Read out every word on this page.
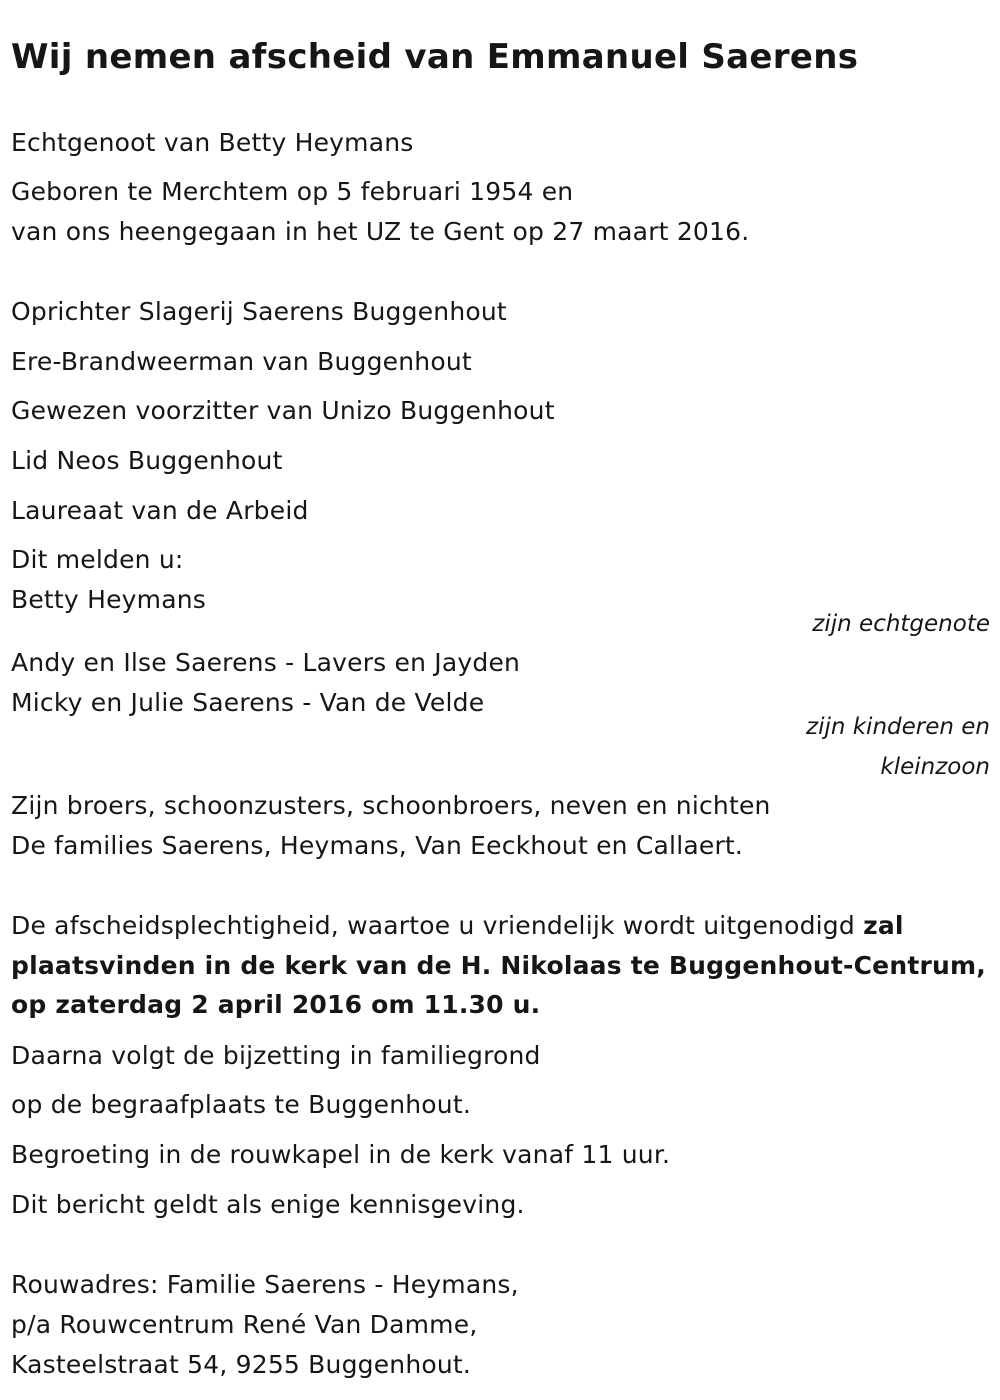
Wij nemen afscheid van Emmanuel Saerens
Echtgenoot van Betty Heymans
Geboren te Merchtem op 5 februari 1954 en
van ons heengegaan in het UZ te Gent op 27 maart 2016.
Oprichter Slagerij Saerens Buggenhout
Ere-Brandweerman van Buggenhout
Gewezen voorzitter van Unizo Buggenhout
Lid Neos Buggenhout
Laureaat van de Arbeid
Dit melden u:
Betty Heymans
zijn echtgenote
Andy en Ilse Saerens - Lavers en Jayden
Micky en Julie Saerens - Van de Velde
zijn kinderen en
kleinzoon
Zijn broers, schoonzusters, schoonbroers, neven en nichten
De families Saerens, Heymans, Van Eeckhout en Callaert.
De afscheidsplechtigheid, waartoe u vriendelijk wordt uitgenodigd zal
plaatsvinden in de kerk van de H. Nikolaas te Buggenhout-Centrum,
op zaterdag 2 april 2016 om 11.30 u.
Daarna volgt de bijzetting in familiegrond
op de begraafplaats te Buggenhout.
Begroeting in de rouwkapel in de kerk vanaf 11 uur.
Dit bericht geldt als enige kennisgeving.
Rouwadres: Familie Saerens - Heymans,
p/a Rouwcentrum René Van Damme,
Kasteelstraat 54, 9255 Buggenhout.
